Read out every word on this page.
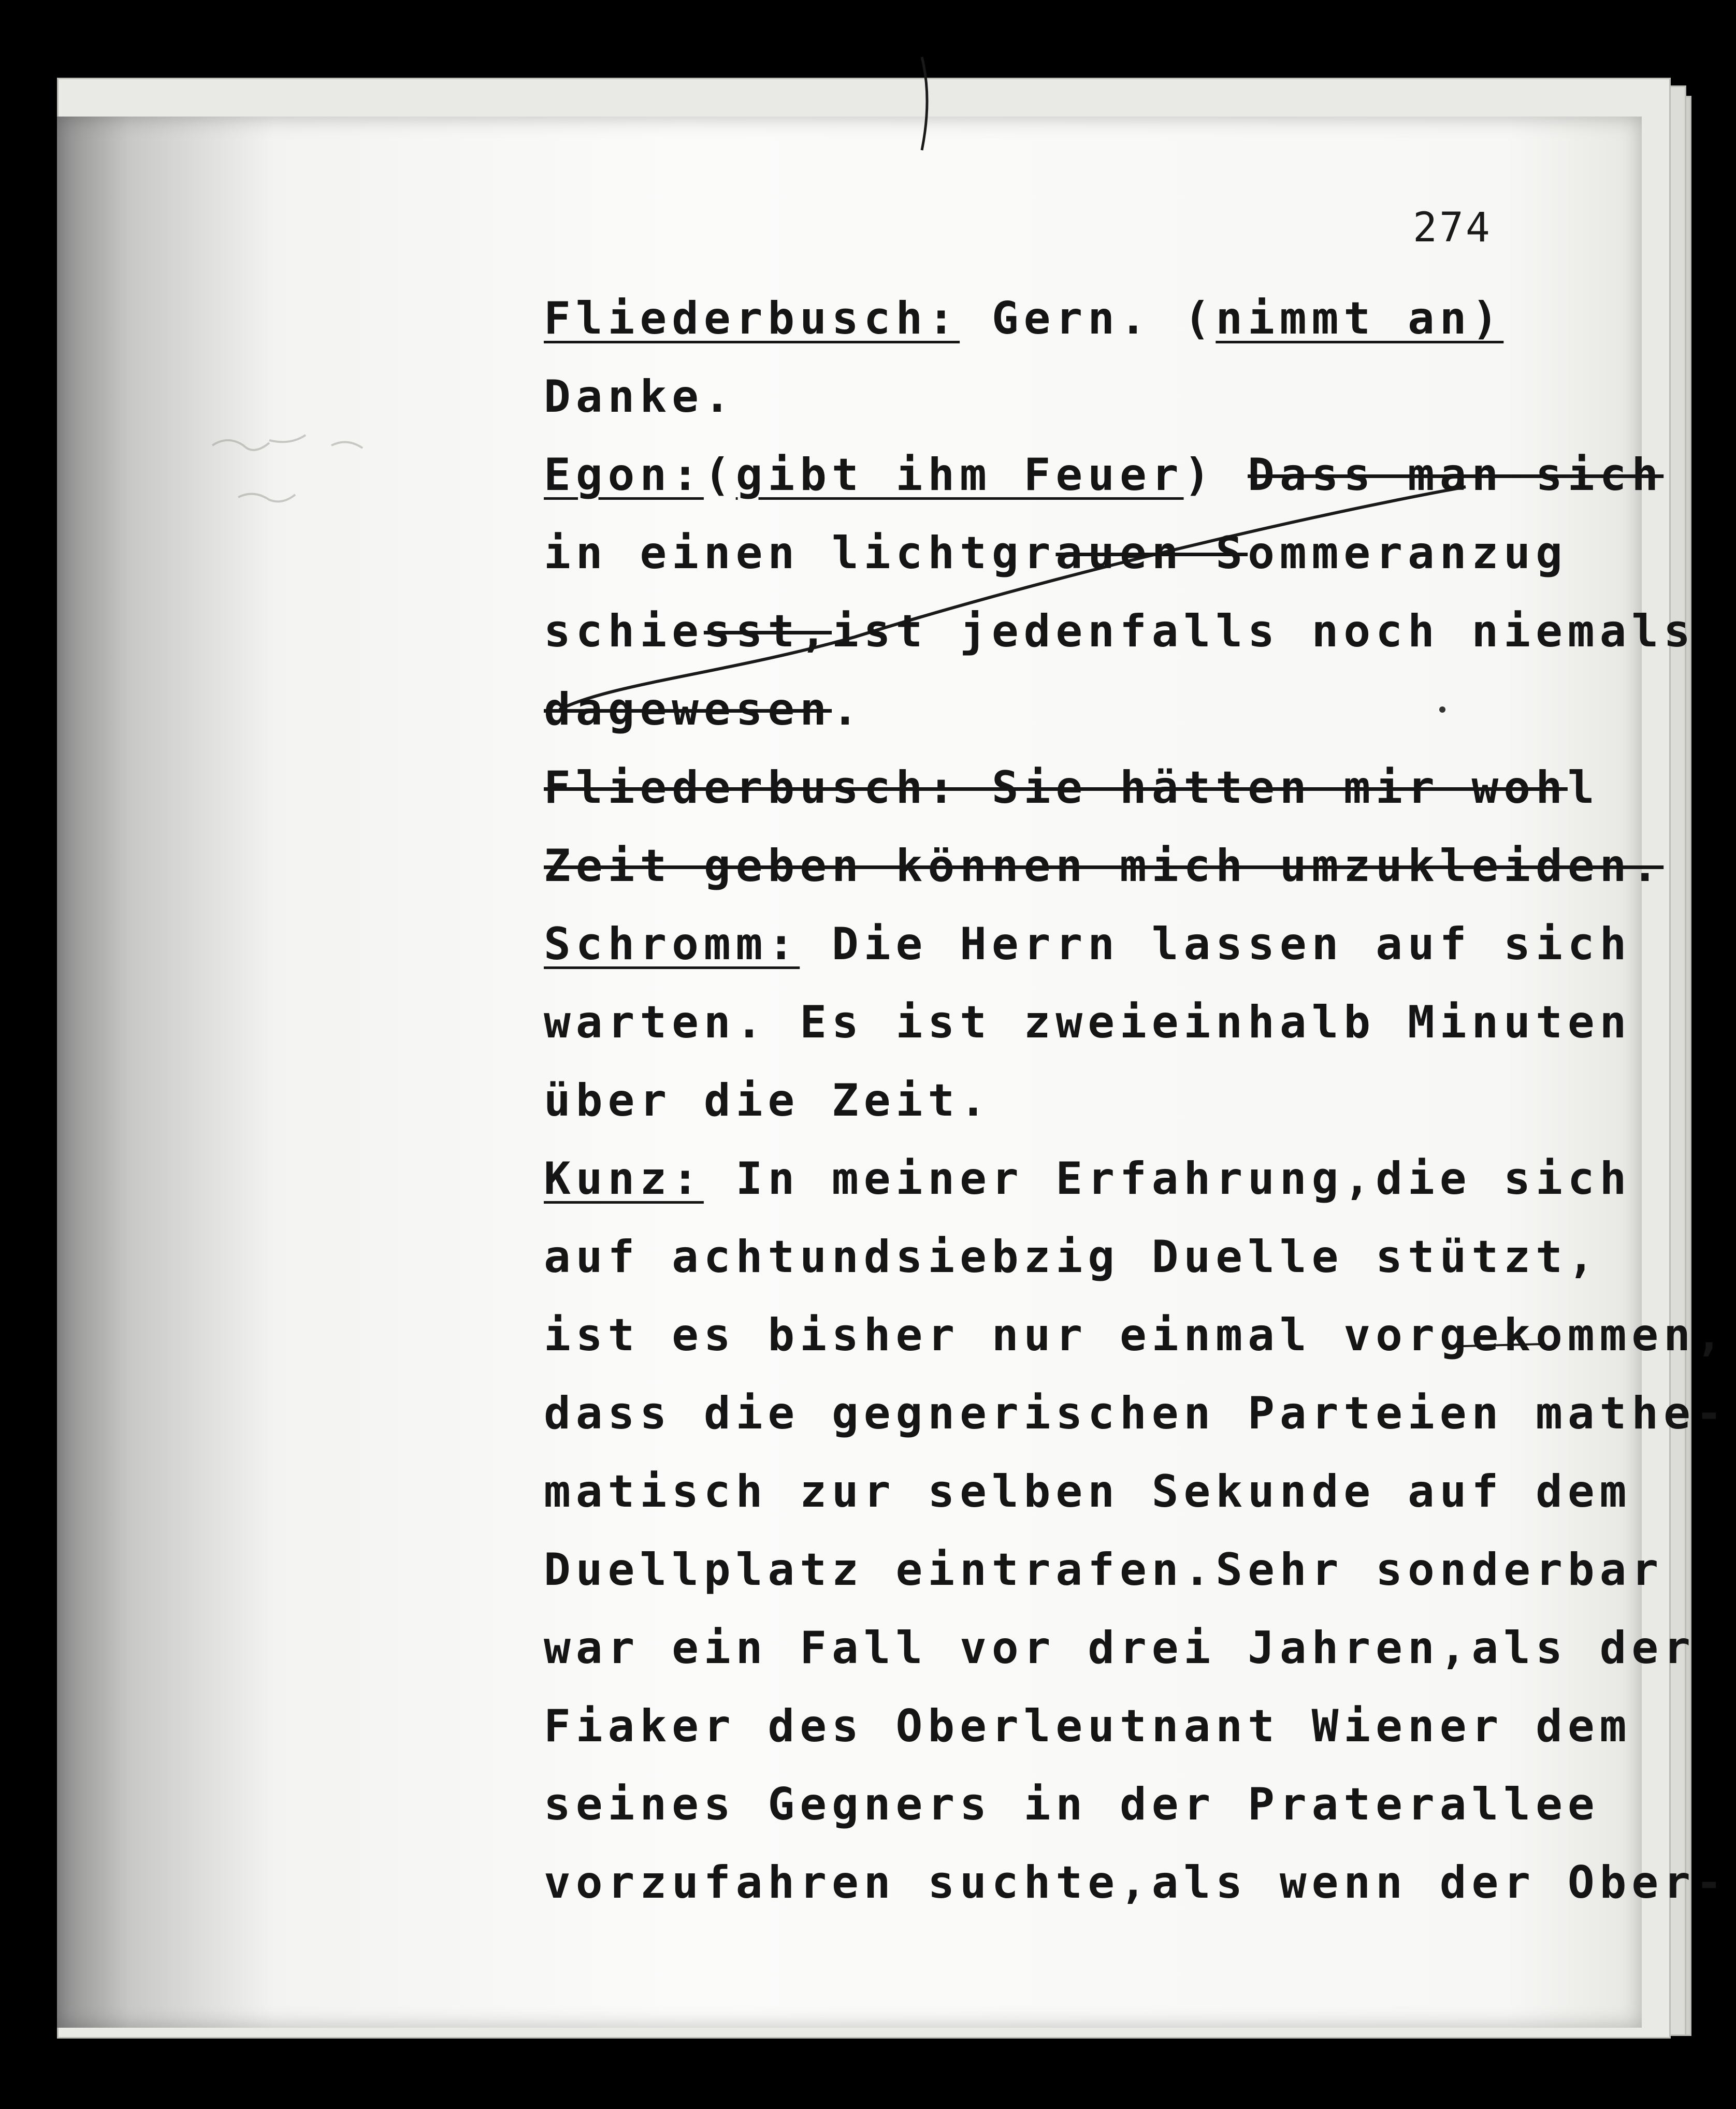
274
Fliederbusch: Gern. (nimmt an)
Danke.
Egon:(gibt ihm Feuer) Dass man sich
in einen lichtgrauen Sommeranzug
schiesst,ist jedenfalls noch niemals
dagewesen.
Fliederbusch: Sie hätten mir wohl
Zeit geben können mich umzukleiden.
Schromm: Die Herrn lassen auf sich
warten. Es ist zweieinhalb Minuten
über die Zeit.
Kunz: In meiner Erfahrung,die sich
auf achtundsiebzig Duelle stützt,
ist es bisher nur einmal vorgekommen,
dass die gegnerischen Parteien mathe-
matisch zur selben Sekunde auf dem
Duellplatz eintrafen.Sehr sonderbar
war ein Fall vor drei Jahren,als der
Fiaker des Oberleutnant Wiener dem
seines Gegners in der Praterallee
vorzufahren suchte,als wenn der Ober-
